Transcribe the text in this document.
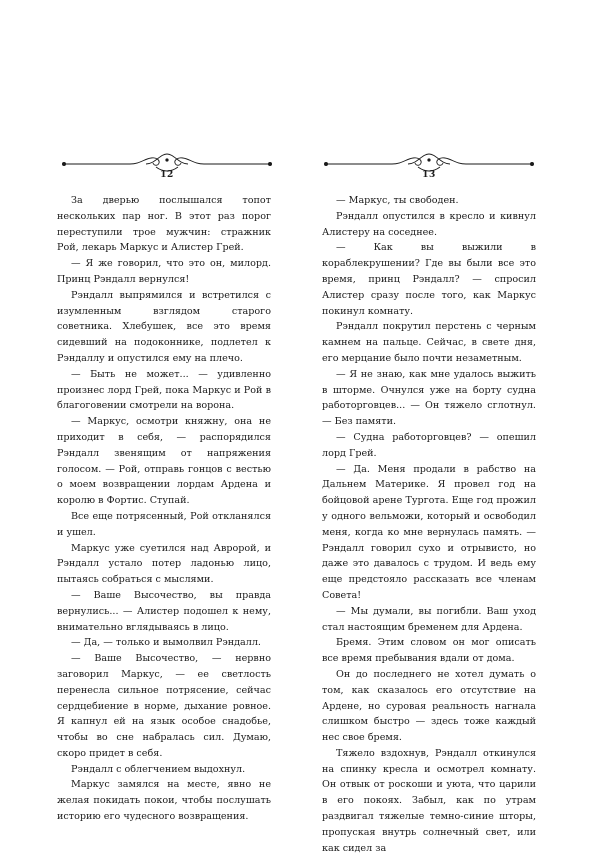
12

За дверью послышался топот нескольких пар ног. В этот раз порог переступили трое мужчин: стражник Рой, лекарь Маркус и Алистер Грей.

— Я же говорил, что это он, милорд. Принц Рэндалл вернулся!

Рэндалл выпрямился и встретился с изумленным взглядом старого советника. Хлебушек, все это время сидевший на подоконнике, подлетел к Рэндаллу и опустился ему на плечо.

— Быть не может... — удивленно произнес лорд Грей, пока Маркус и Рой в благоговении смотрели на ворона.

— Маркус, осмотри княжну, она не приходит в себя, — распорядился Рэндалл звенящим от напряжения голосом. — Рой, отправь гонцов с вестью о моем возвращении лордам Ардена и королю в Фортис. Ступай.

Все еще потрясенный, Рой откланялся и ушел.

Маркус уже суетился над Авророй, и Рэндалл устало потер ладонью лицо, пытаясь собраться с мыслями.

— Ваше Высочество, вы правда вернулись... — Алистер подошел к нему, внимательно вглядываясь в лицо.

— Да, — только и вымолвил Рэндалл.

— Ваше Высочество, — нервно заговорил Маркус, — ее светлость перенесла сильное потрясение, сейчас сердцебиение в норме, дыхание ровное. Я капнул ей на язык особое снадобье, чтобы во сне набралась сил. Думаю, скоро придет в себя.

Рэндалл с облегчением выдохнул.

Маркус замялся на месте, явно не желая покидать покои, чтобы послушать историю его чудесного возвращения.

13

— Маркус, ты свободен.

Рэндалл опустился в кресло и кивнул Алистеру на соседнее.

— Как вы выжили в кораблекрушении? Где вы были все это время, принц Рэндалл? — спросил Алистер сразу после того, как Маркус покинул комнату.

Рэндалл покрутил перстень с черным камнем на пальце. Сейчас, в свете дня, его мерцание было почти незаметным.

— Я не знаю, как мне удалось выжить в шторме. Очнулся уже на борту судна работорговцев... — Он тяжело сглотнул. — Без памяти.

— Судна работорговцев? — опешил лорд Грей.

— Да. Меня продали в рабство на Дальнем Материке. Я провел год на бойцовой арене Тургота. Еще год прожил у одного вельможи, который и освободил меня, когда ко мне вернулась память. — Рэндалл говорил сухо и отрывисто, но даже это давалось с трудом. И ведь ему еще предстояло рассказать все членам Совета!

— Мы думали, вы погибли. Ваш уход стал настоящим бременем для Ардена.

Бремя. Этим словом он мог описать все время пребывания вдали от дома.

Он до последнего не хотел думать о том, как сказалось его отсутствие на Ардене, но суровая реальность нагнала слишком быстро — здесь тоже каждый нес свое бремя.

Тяжело вздохнув, Рэндалл откинулся на спинку кресла и осмотрел комнату. Он отвык от роскоши и уюта, что царили в его покоях. Забыл, как по утрам раздвигал тяжелые темно-синие шторы, пропуская внутрь солнечный свет, или как сидел за
